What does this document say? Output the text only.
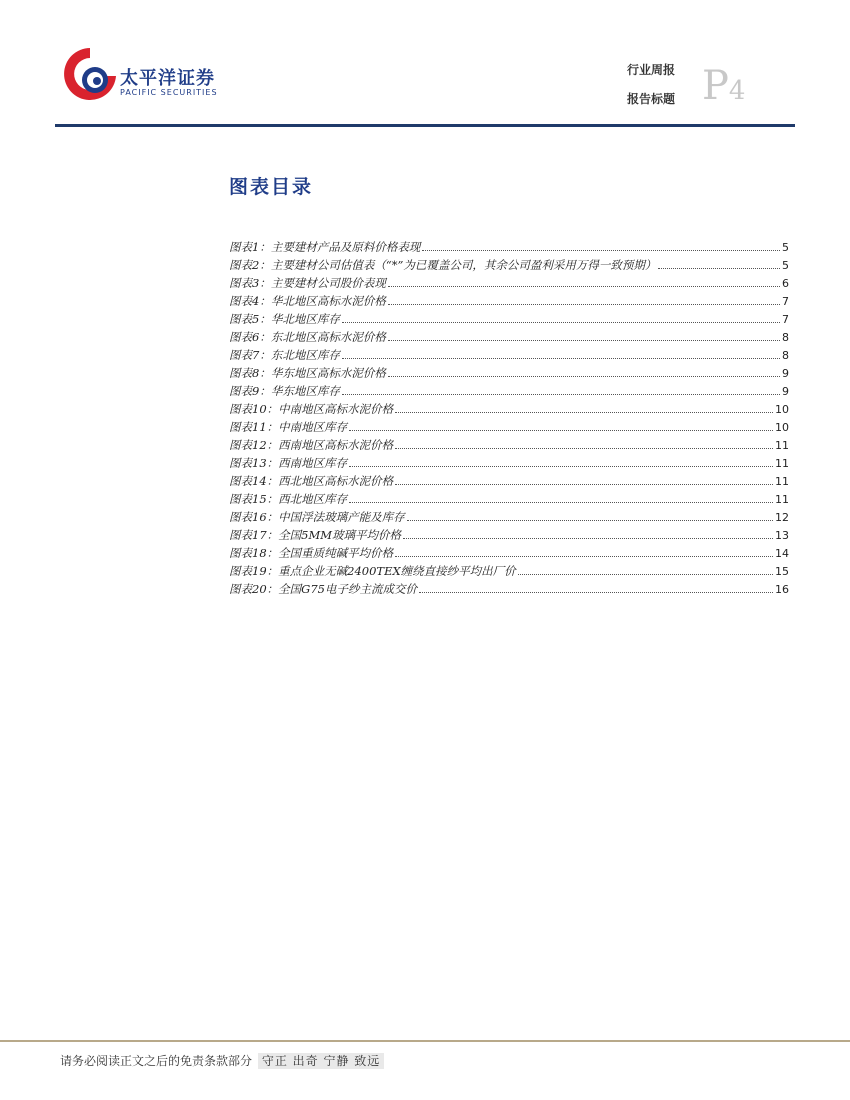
太平洋证券
PACIFIC SECURITIES
行业周报
报告标题 P4
图表目录
图表1 ： 主要建材产品及原料价格表现	5
图表2 ： 主要建材公司估值表（“*”为已覆盖公司，其余公司盈利采用万得一致预期）	5
图表3 ： 主要建材公司股价表现	6
图表4 ： 华北地区高标水泥价格	7
图表5 ： 华北地区库存	7
图表6 ： 东北地区高标水泥价格	8
图表7 ： 东北地区库存	8
图表8 ： 华东地区高标水泥价格	9
图表9 ： 华东地区库存	9
图表10 ： 中南地区高标水泥价格	10
图表11 ： 中南地区库存	10
图表12 ： 西南地区高标水泥价格	11
图表13 ： 西南地区库存	11
图表14 ： 西北地区高标水泥价格	11
图表15 ： 西北地区库存	11
图表16 ： 中国浮法玻璃产能及库存	12
图表17 ： 全国5MM玻璃平均价格	13
图表18 ： 全国重质纯碱平均价格	14
图表19 ： 重点企业无碱2400TEX缠绕直接纱平均出厂价	15
图表20 ： 全国G75电子纱主流成交价	16
请务必阅读正文之后的免责条款部分 守正 出奇 宁静 致远
